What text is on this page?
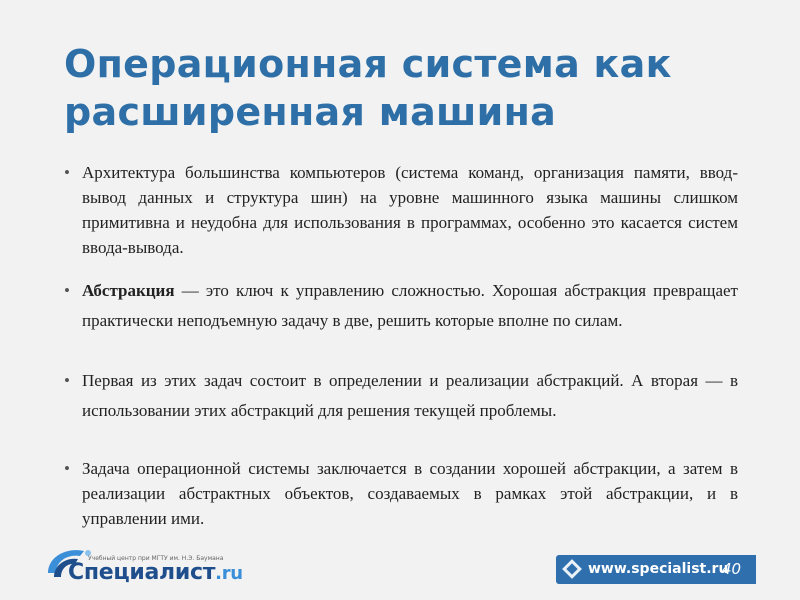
Операционная система как расширенная машина
• Архитектура большинства компьютеров (система команд, организация памяти, ввод-вывод данных и структура шин) на уровне машинного языка машины слишком примитивна и неудобна для использования в программах, особенно это касается систем ввода-вывода.
• Абстракция — это ключ к управлению сложностью. Хорошая абстракция превращает практически неподъемную задачу в две, решить которые вполне по силам.
• Первая из этих задач состоит в определении и реализации абстракций. А вторая — в использовании этих абстракций для решения текущей проблемы.
• Задача операционной системы заключается в создании хорошей абстракции, а затем в реализации абстрактных объектов, создаваемых в рамках этой абстракции, и в управлении ими.

Учебный центр при МГТУ им. Н.Э. Баумана

Специалист.ru	www.specialist.ru

40
